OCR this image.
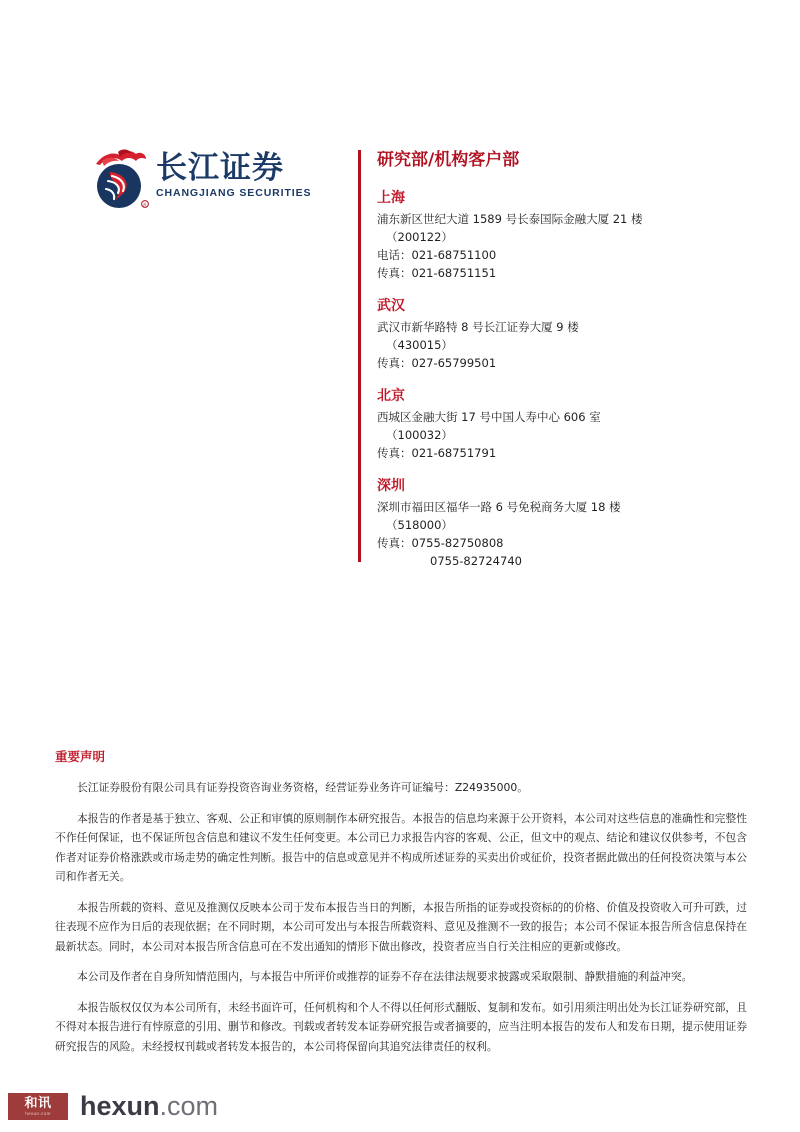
R
长江证券
CHANGJIANG SECURITIES
研究部/机构客户部
上海
浦东新区世纪大道 1589 号长泰国际金融大厦 21 楼
（200122）
电话：021-68751100
传真：021-68751151
武汉
武汉市新华路特 8 号长江证券大厦 9 楼
（430015）
传真：027-65799501
北京
西城区金融大街 17 号中国人寿中心 606 室
（100032）
传真：021-68751791
深圳
深圳市福田区福华一路 6 号免税商务大厦 18 楼
（518000）
传真：0755-82750808
0755-82724740
重要声明

长江证券股份有限公司具有证券投资咨询业务资格，经营证券业务许可证编号：Z24935000。

本报告的作者是基于独立、客观、公正和审慎的原则制作本研究报告。本报告的信息均来源于公开资料，本公司对这些信息的准确性和完整性不作任何保证，也不保证所包含信息和建议不发生任何变更。本公司已力求报告内容的客观、公正，但文中的观点、结论和建议仅供参考，不包含作者对证券价格涨跌或市场走势的确定性判断。报告中的信息或意见并不构成所述证券的买卖出价或征价，投资者据此做出的任何投资决策与本公司和作者无关。

本报告所载的资料、意见及推测仅反映本公司于发布本报告当日的判断，本报告所指的证券或投资标的的价格、价值及投资收入可升可跌，过往表现不应作为日后的表现依据；在不同时期，本公司可发出与本报告所载资料、意见及推测不一致的报告；本公司不保证本报告所含信息保持在最新状态。同时，本公司对本报告所含信息可在不发出通知的情形下做出修改，投资者应当自行关注相应的更新或修改。

本公司及作者在自身所知情范围内，与本报告中所评价或推荐的证券不存在法律法规要求披露或采取限制、静默措施的利益冲突。

本报告版权仅仅为本公司所有，未经书面许可，任何机构和个人不得以任何形式翻版、复制和发布。如引用须注明出处为长江证券研究部，且不得对本报告进行有悖原意的引用、删节和修改。刊载或者转发本证券研究报告或者摘要的，应当注明本报告的发布人和发布日期，提示使用证券研究报告的风险。未经授权刊载或者转发本报告的，本公司将保留向其追究法律责任的权利。

和讯
hexun.com hexun.com
